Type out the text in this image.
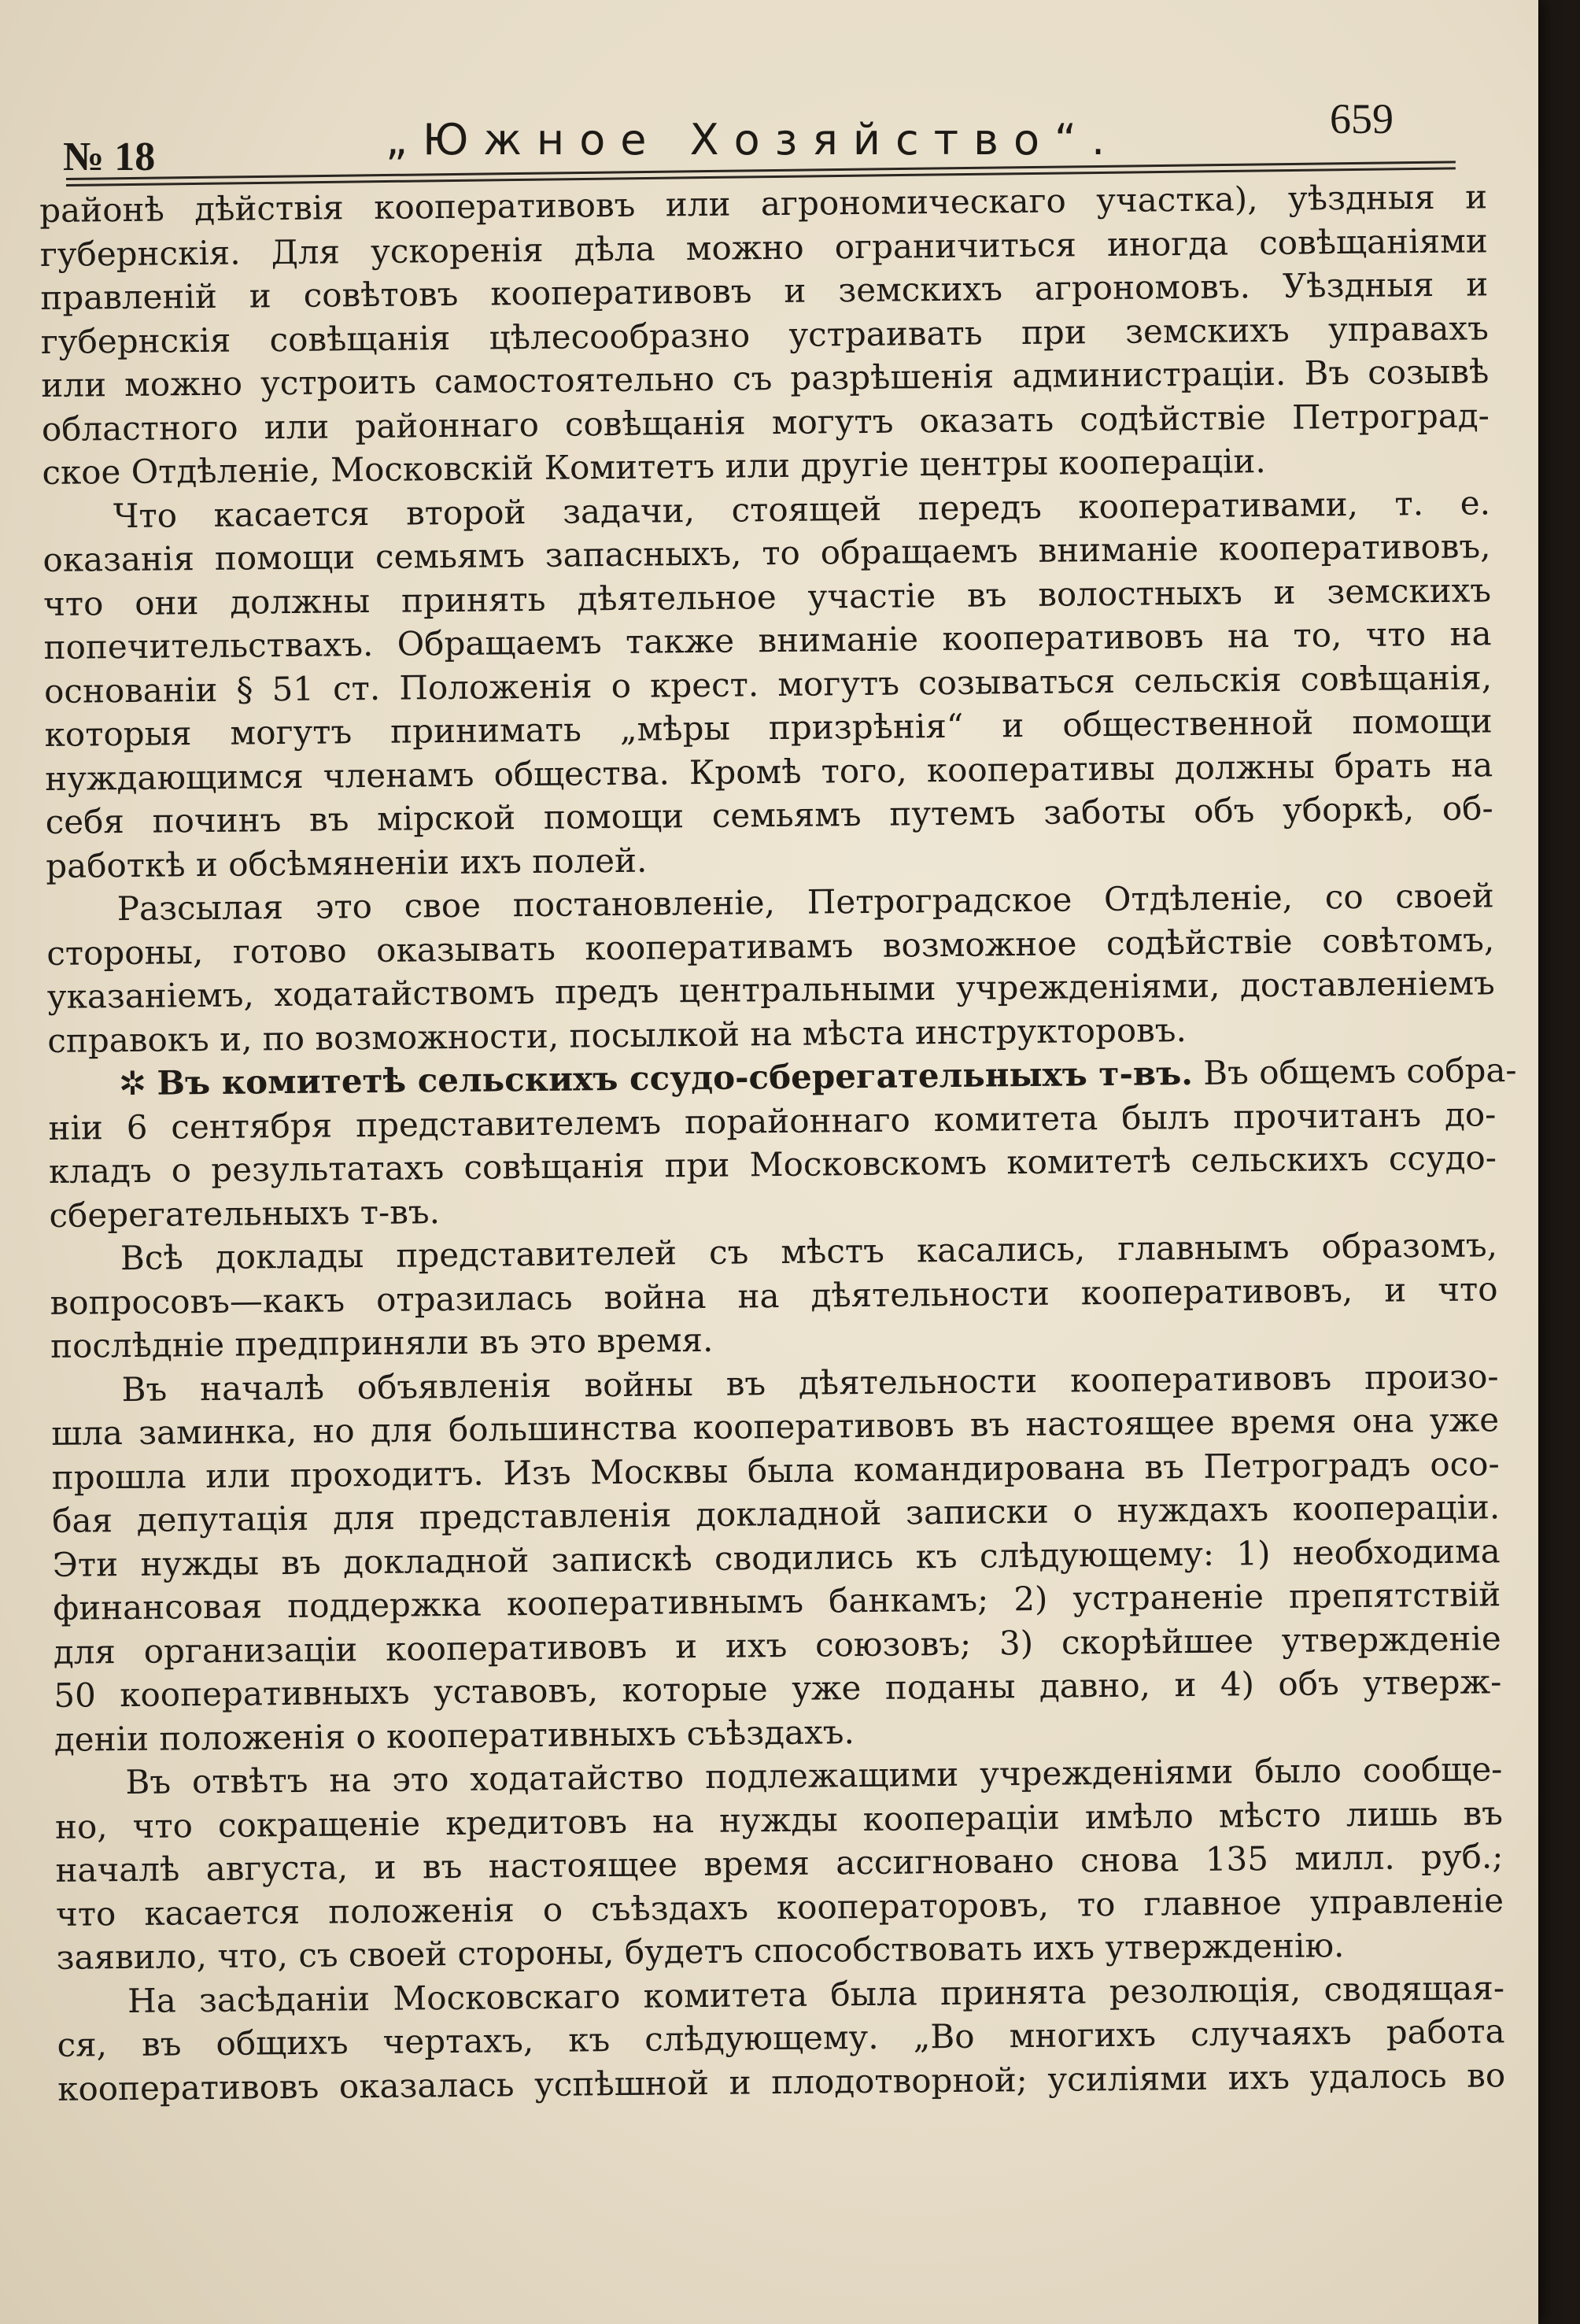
№ 18	„Южное Хозяйство“.	659
районѣ дѣйствія кооперативовъ или агрономическаго участка), уѣздныя и
губернскія. Для ускоренія дѣла можно ограничиться иногда совѣщаніями
правленій и совѣтовъ кооперативовъ и земскихъ агрономовъ. Уѣздныя и
губернскія совѣщанія цѣлесообразно устраивать при земскихъ управахъ
или можно устроить самостоятельно съ разрѣшенія администраціи. Въ созывѣ
областного или районнаго совѣщанія могутъ оказать содѣйствіе Петроград-
ское Отдѣленіе, Московскій Комитетъ или другіе центры коопераціи.
Что касается второй задачи, стоящей передъ кооперативами, т. е.
оказанія помощи семьямъ запасныхъ, то обращаемъ вниманіе кооперативовъ,
что они должны принять дѣятельное участіе въ волостныхъ и земскихъ
попечительствахъ. Обращаемъ также вниманіе кооперативовъ на то, что на
основаніи § 51 ст. Положенія о крест. могутъ созываться сельскія совѣщанія,
которыя могутъ принимать „мѣры призрѣнія“ и общественной помощи
нуждающимся членамъ общества. Кромѣ того, кооперативы должны брать на
себя починъ въ мірской помощи семьямъ путемъ заботы объ уборкѣ, об-
работкѣ и обсѣмяненіи ихъ полей.
Разсылая это свое постановленіе, Петроградское Отдѣленіе, со своей
стороны, готово оказывать кооперативамъ возможное содѣйствіе совѣтомъ,
указаніемъ, ходатайствомъ предъ центральными учрежденіями, доставленіемъ
справокъ и, по возможности, посылкой на мѣста инструкторовъ.
✲ Въ комитетѣ сельскихъ ссудо-сберегательныхъ т-въ. Въ общемъ собра-
ніи 6 сентября представителемъ порайоннаго комитета былъ прочитанъ до-
кладъ о результатахъ совѣщанія при Московскомъ комитетѣ сельскихъ ссудо-
сберегательныхъ т-въ.
Всѣ доклады представителей съ мѣстъ касались, главнымъ образомъ,
вопросовъ—какъ отразилась война на дѣятельности кооперативовъ, и что
послѣдніе предприняли въ это время.
Въ началѣ объявленія войны въ дѣятельности кооперативовъ произо-
шла заминка, но для большинства кооперативовъ въ настоящее время она уже
прошла или проходитъ. Изъ Москвы была командирована въ Петроградъ осо-
бая депутація для представленія докладной записки о нуждахъ коопераціи.
Эти нужды въ докладной запискѣ сводились къ слѣдующему: 1) необходима
финансовая поддержка кооперативнымъ банкамъ; 2) устраненіе препятствій
для организаціи кооперативовъ и ихъ союзовъ; 3) скорѣйшее утвержденіе
50 кооперативныхъ уставовъ, которые уже поданы давно, и 4) объ утверж-
деніи положенія о кооперативныхъ съѣздахъ.
Въ отвѣтъ на это ходатайство подлежащими учрежденіями было сообще-
но, что сокращеніе кредитовъ на нужды коопераціи имѣло мѣсто лишь въ
началѣ августа, и въ настоящее время ассигновано снова 135 милл. руб.;
что касается положенія о съѣздахъ кооператоровъ, то главное управленіе
заявило, что, съ своей стороны, будетъ способствовать ихъ утвержденію.
На засѣданіи Московскаго комитета была принята резолюція, сводящая-
ся, въ общихъ чертахъ, къ слѣдующему. „Во многихъ случаяхъ работа
кооперативовъ оказалась успѣшной и плодотворной; усиліями ихъ удалось во
